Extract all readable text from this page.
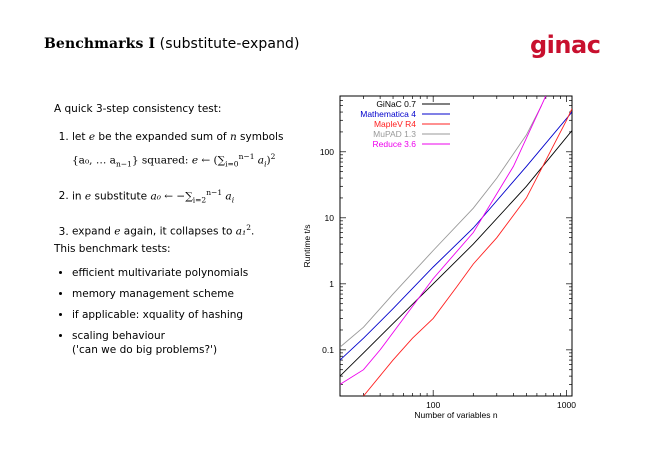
Benchmarks I (substitute-expand)	ginac
A quick 3-step consistency test:
1. let e be the expanded sum of n symbols
{a₀, … $a_{n-1}$} squared: e ← ($\sum_{i=0}^{n-1}$ $a_i)^2$
2. in e substitute a₀ ← $-\sum_{i=2}^{n-1}$ $a_i$
3. expand e again, it collapses to a₁$^2$.
This benchmark tests:
• efficient multivariate polynomials
• memory management scheme
• if applicable: xquality of hashing
• scaling behaviour
('can we do big problems?')
100	1000
0.1
1
10
100
GiNaC 0.7
Mathematica 4
MapleV R4
MuPAD 1.3
Reduce 3.6
Number of variables n
Runtime t/s
